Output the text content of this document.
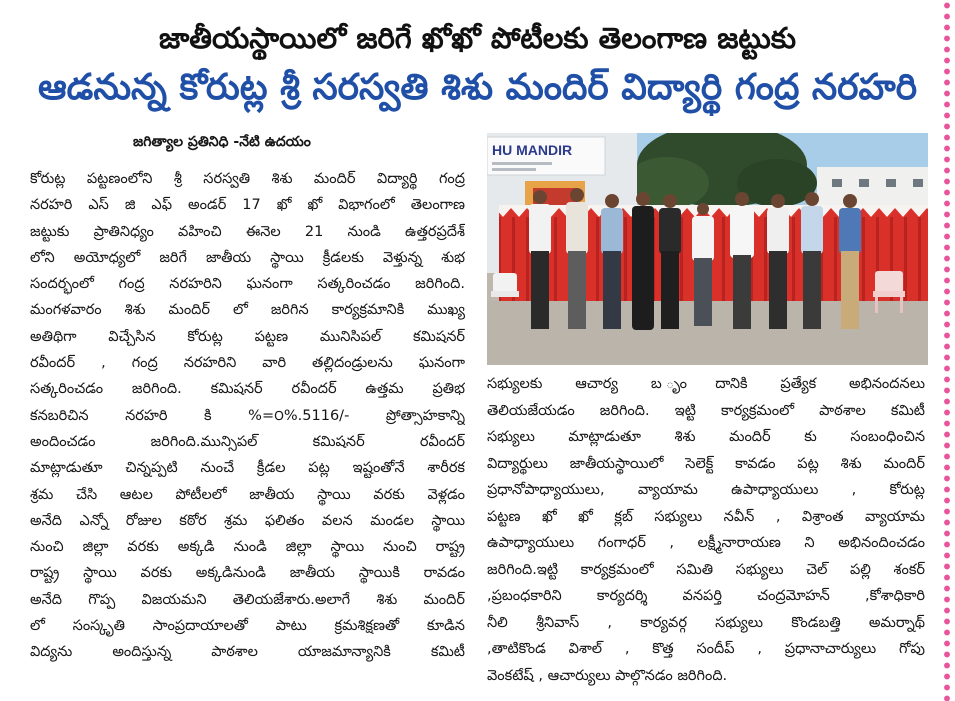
జాతీయస్థాయిలో జరిగే ఖోఖో పోటీలకు తెలంగాణ జట్టుకు
ఆడనున్న కోరుట్ల శ్రీ సరస్వతి శిశు మందిర్ విద్యార్థి గంద్ర నరహరి
జగిత్యాల ప్రతినిధి -నేటి ఉదయం
కోరుట్ల పట్టణంలోని శ్రీ సరస్వతి శిశు మందిర్ విద్యార్థి గంద్ర
నరహరి ఎస్ జి ఎఫ్ అండర్ 17 ఖో ఖో విభాగంలో తెలంగాణ
జట్టుకు ప్రాతినిధ్యం వహించి ఈనెల 21 నుండి ఉత్తరప్రదేశ్
లోని అయోధ్యలో జరిగే జాతీయ స్థాయి క్రీడలకు వెళ్తున్న శుభ
సందర్భంలో గంద్ర నరహరిని ఘనంగా సత్కరించడం జరిగింది.
మంగళవారం శిశు మందిర్ లో జరిగిన కార్యక్రమానికి ముఖ్య
అతిథిగా విచ్చేసిన కోరుట్ల పట్టణ మునిసిపల్ కమిషనర్
రవీందర్ , గంద్ర నరహరిని వారి తల్లిదండ్రులను ఘనంగా
సత్కరించడం జరిగింది. కమిషనర్ రవీందర్ ఉత్తమ ప్రతిభ
కనబరిచిన నరహరి కి %=౦%.5116/- ప్రోత్సాహకాన్ని
అందించడం జరిగింది.మున్సిపల్ కమిషనర్ రవీందర్
మాట్లాడుతూ చిన్నప్పటి నుంచే క్రీడల పట్ల ఇష్టంతోనే శారీరక
శ్రమ చేసి ఆటల పోటీలలో జాతీయ స్థాయి వరకు వెళ్లడం
అనేది ఎన్నో రోజుల కఠోర శ్రమ ఫలితం వలన మండల స్థాయి
నుంచి జిల్లా వరకు అక్కడి నుండి జిల్లా స్థాయి నుంచి రాష్ట్ర
రాష్ట్ర స్థాయి వరకు అక్కడినుండి జాతీయ స్థాయికి రావడం
అనేది గొప్ప విజయమని తెలియజేశారు.అలాగే శిశు మందిర్
లో సంస్కృతి సాంప్రదాయాలతో పాటు క్రమశిక్షణతో కూడిన
విద్యను అందిస్తున్న పాఠశాల యాజమాన్యానికి కమిటీ
HU MANDIR
సభ్యులకు ఆచార్య బ ృందానికి ప్రత్యేక అభినందనలు
తెలియజేయడం జరిగింది. ఇట్టి కార్యక్రమంలో పాఠశాల కమిటీ
సభ్యులు మాట్లాడుతూ శిశు మందిర్ కు సంబంధించిన
విద్యార్థులు జాతీయస్థాయిలో సెలెక్ట్ కావడం పట్ల శిశు మందిర్
ప్రధానోపాధ్యాయులు, వ్యాయామ ఉపాధ్యాయులు , కోరుట్ల
పట్టణ ఖో ఖో క్లబ్ సభ్యులు నవీన్ , విశ్రాంత వ్యాయామ
ఉపాధ్యాయులు గంగాధర్ , లక్ష్మీనారాయణ ని అభినందించడం
జరిగింది.ఇట్టి కార్యక్రమంలో సమితి సభ్యులు చెల్ పల్లి శంకర్
,ప్రబంధకారిని కార్యదర్శి వనపర్తి చంద్రమోహన్ ,కోశాధికారి
నీలి శ్రీనివాస్ , కార్యవర్గ సభ్యులు కొండబత్తి అమర్నాథ్
,తాటికొండ విశాల్ , కొత్త సందీప్ , ప్రధానాచార్యులు గోపు
వెంకటేష్ , ఆచార్యులు పాల్గొనడం జరిగింది.
